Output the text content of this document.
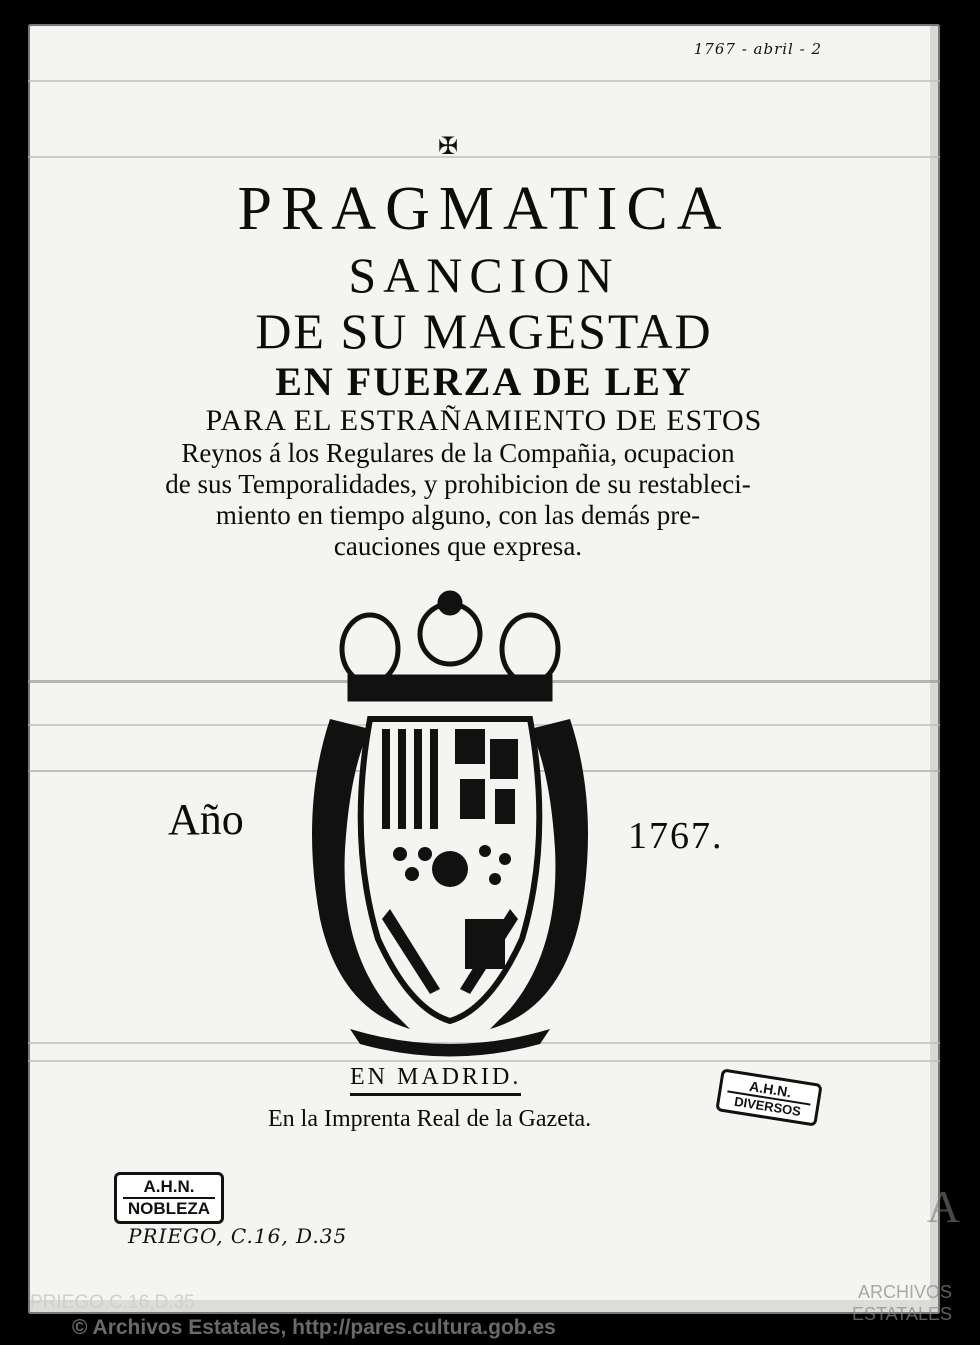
1767 - abril - 2
✠
PRAGMATICA
SANCION
DE SU MAGESTAD
EN FUERZA DE LEY
PARA EL ESTRAÑAMIENTO DE ESTOS
Reynos á los Regulares de la Compañia, ocupacion
de sus Temporalidades, y prohibicion de su restableci-
miento en tiempo alguno, con las demás pre-
cauciones que expresa.
Año	1767.
EN MADRID.
En la Imprenta Real de la Gazeta.
A.H.N.
NOBLEZA
A.H.N.
DIVERSOS
PRIEGO, C.16, D.35
A
ARCHIVOS
ESTATALES
PRIEGO,C.16,D.35
© Archivos Estatales, http://pares.cultura.gob.es
